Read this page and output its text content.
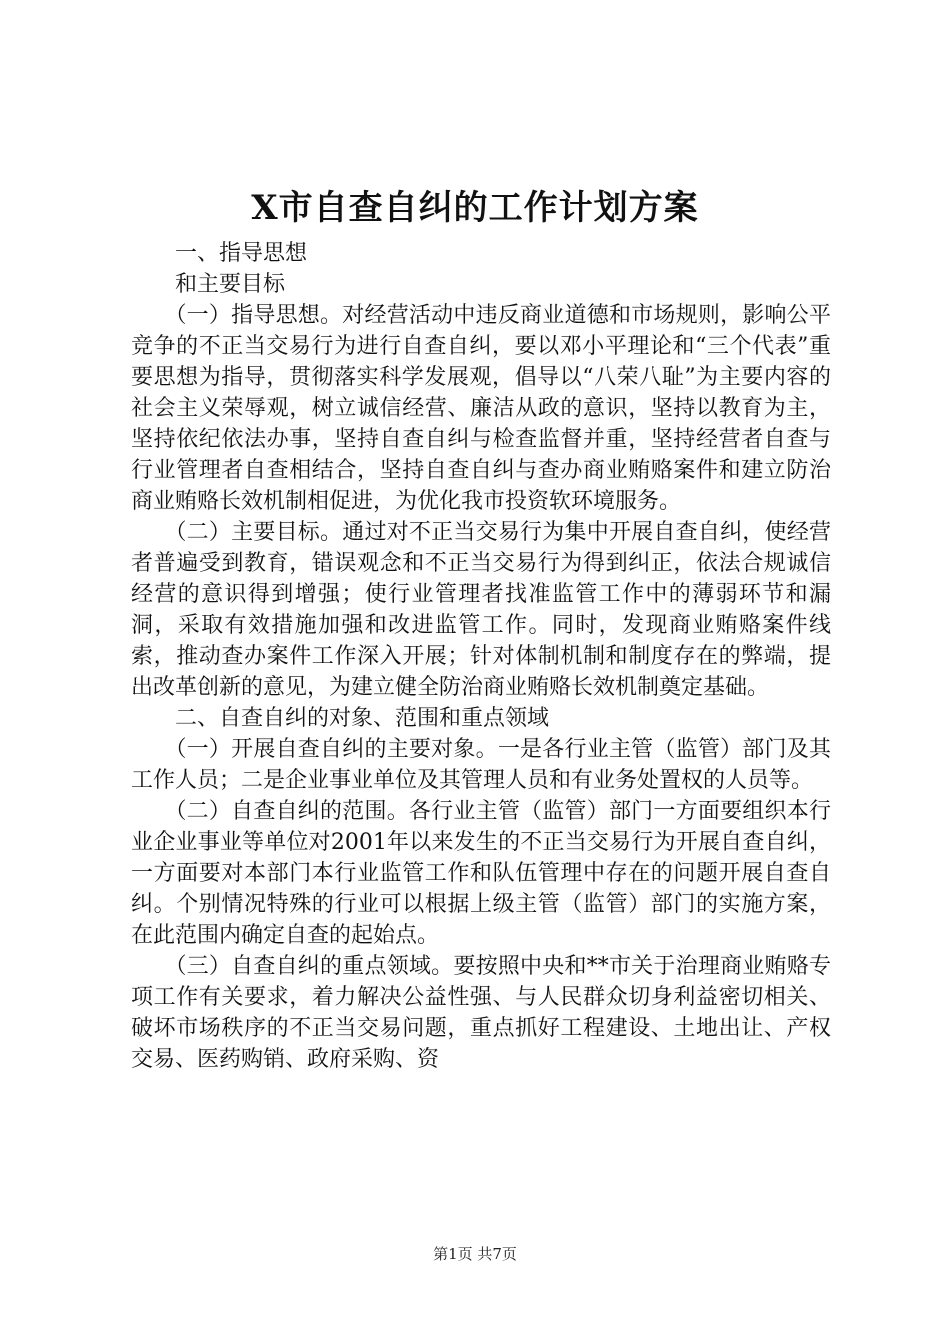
X市自查自纠的工作计划方案

　　一、指导思想

　　和主要目标

　　（一）指导思想。对经营活动中违反商业道德和市场规则，影响公平竞争的不正当交易行为进行自查自纠，要以邓小平理论和“三个代表”重要思想为指导，贯彻落实科学发展观，倡导以“八荣八耻”为主要内容的社会主义荣辱观，树立诚信经营、廉洁从政的意识，坚持以教育为主，坚持依纪依法办事，坚持自查自纠与检查监督并重，坚持经营者自查与行业管理者自查相结合，坚持自查自纠与查办商业贿赂案件和建立防治商业贿赂长效机制相促进，为优化我市投资软环境服务。

　　（二）主要目标。通过对不正当交易行为集中开展自查自纠，使经营者普遍受到教育，错误观念和不正当交易行为得到纠正，依法合规诚信经营的意识得到增强；使行业管理者找准监管工作中的薄弱环节和漏洞，采取有效措施加强和改进监管工作。同时，发现商业贿赂案件线索，推动查办案件工作深入开展；针对体制机制和制度存在的弊端，提出改革创新的意见，为建立健全防治商业贿赂长效机制奠定基础。

　　二、自查自纠的对象、范围和重点领域

　　（一）开展自查自纠的主要对象。一是各行业主管（监管）部门及其工作人员；二是企业事业单位及其管理人员和有业务处置权的人员等。

　　（二）自查自纠的范围。各行业主管（监管）部门一方面要组织本行业企业事业等单位对2001年以来发生的不正当交易行为开展自查自纠，一方面要对本部门本行业监管工作和队伍管理中存在的问题开展自查自纠。个别情况特殊的行业可以根据上级主管（监管）部门的实施方案，在此范围内确定自查的起始点。

　　（三）自查自纠的重点领域。要按照中央和**市关于治理商业贿赂专项工作有关要求，着力解决公益性强、与人民群众切身利益密切相关、破坏市场秩序的不正当交易问题，重点抓好工程建设、土地出让、产权交易、医药购销、政府采购、资

第1页 共7页
